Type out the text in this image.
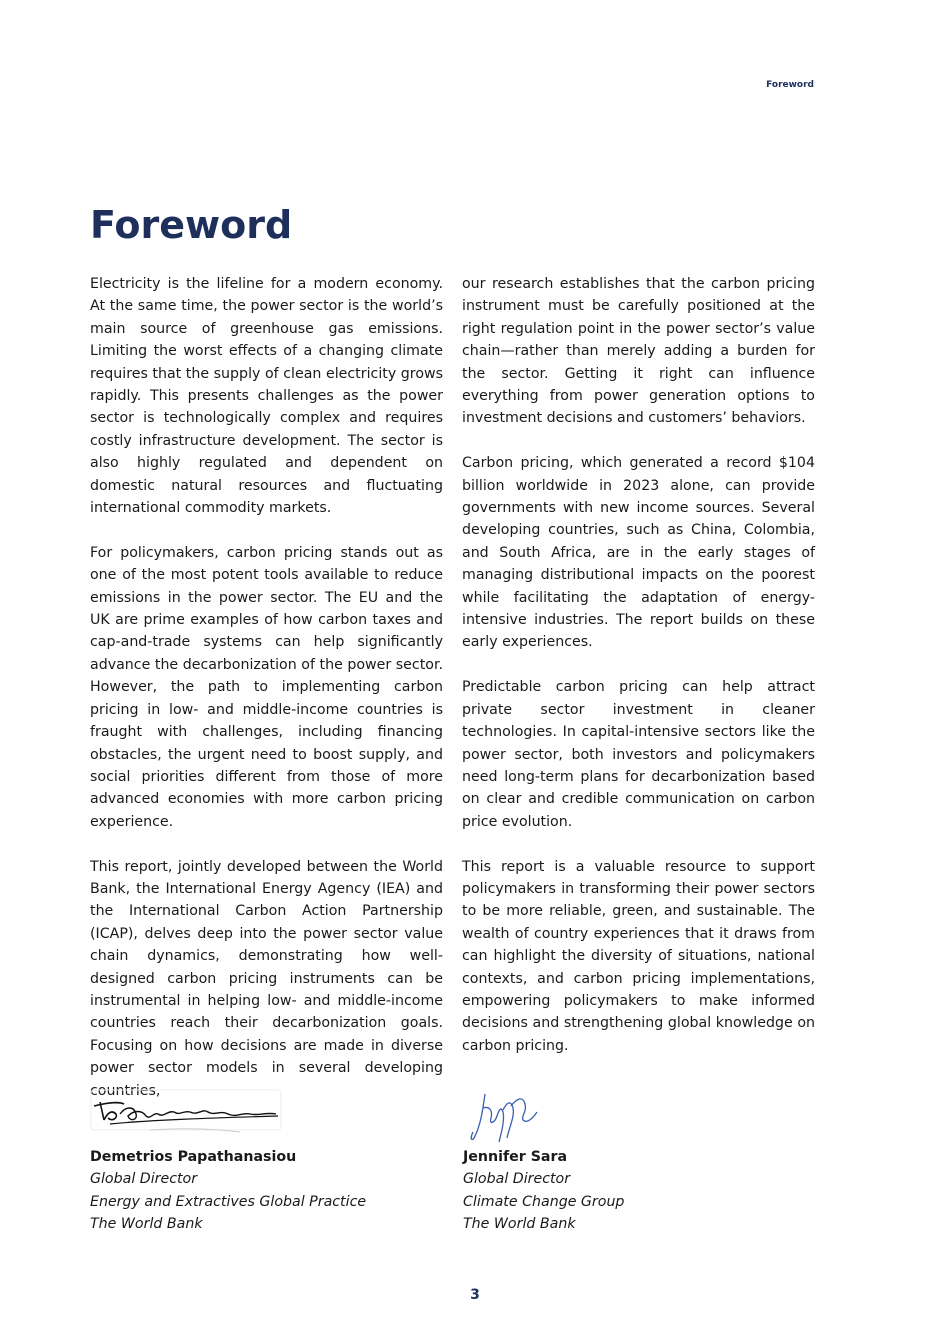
Foreword
Foreword

Electricity is the lifeline for a modern economy. At the same time, the power sector is the world’s main source of greenhouse gas emissions. Limiting the worst effects of a changing climate requires that the supply of clean electricity grows rapidly. This presents challenges as the power sector is technologically complex and requires costly infrastructure development. The sector is also highly regulated and dependent on domestic natural resources and fluctuating international commodity markets.

For policymakers, carbon pricing stands out as one of the most potent tools available to reduce emissions in the power sector. The EU and the UK are prime examples of how carbon taxes and cap-and-trade systems can help significantly advance the decarbonization of the power sector. However, the path to implementing carbon pricing in low- and middle-income countries is fraught with challenges, including financing obstacles, the urgent need to boost supply, and social priorities different from those of more advanced economies with more carbon pricing experience.

This report, jointly developed between the World Bank, the International Energy Agency (IEA) and the International Carbon Action Partnership (ICAP), delves deep into the power sector value chain dynamics, demonstrating how well-designed carbon pricing instruments can be instrumental in helping low- and middle-income countries reach their decarbonization goals. Focusing on how decisions are made in diverse power sector models in several developing countries,

our research establishes that the carbon pricing instrument must be carefully positioned at the right regulation point in the power sector’s value chain—rather than merely adding a burden for the sector. Getting it right can influence everything from power generation options to investment decisions and customers’ behaviors.

Carbon pricing, which generated a record $104 billion worldwide in 2023 alone, can provide governments with new income sources. Several developing countries, such as China, Colombia, and South Africa, are in the early stages of managing distributional impacts on the poorest while facilitating the adaptation of energy-intensive industries. The report builds on these early experiences.

Predictable carbon pricing can help attract private sector investment in cleaner technologies. In capital-intensive sectors like the power sector, both investors and policymakers need long-term plans for decarbonization based on clear and credible communication on carbon price evolution.

This report is a valuable resource to support policymakers in transforming their power sectors to be more reliable, green, and sustainable. The wealth of country experiences that it draws from can highlight the diversity of situations, national contexts, and carbon pricing implementations, empowering policymakers to make informed decisions and strengthening global knowledge on carbon pricing.

Demetrios Papathanasiou
Global Director
Energy and Extractives Global Practice
The World Bank
Jennifer Sara
Global Director
Climate Change Group
The World Bank
3
